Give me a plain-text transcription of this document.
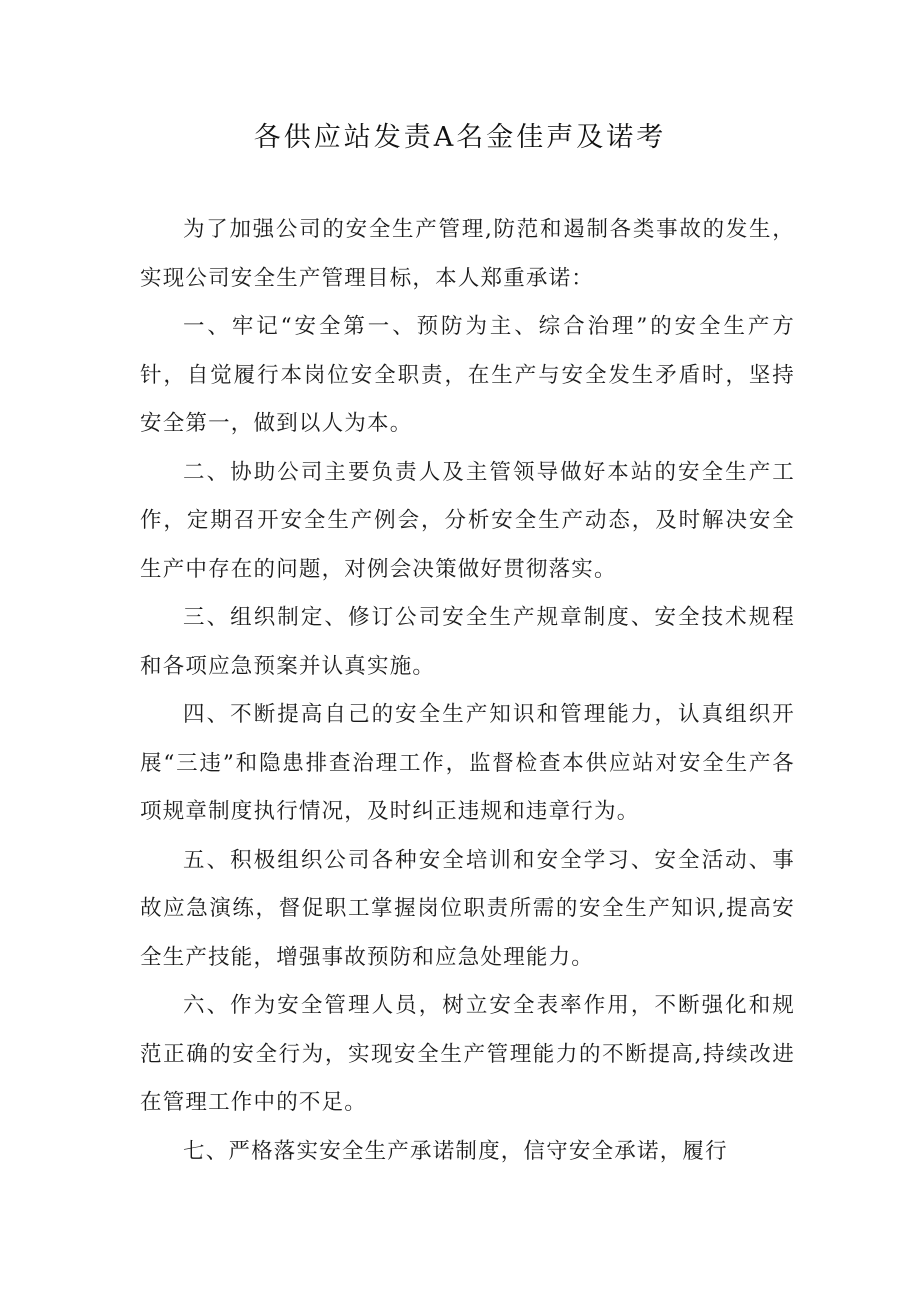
各供应站发责A名金佳声及诺考

为了加强公司的安全生产管理,防范和遏制各类事故的发生，实现公司安全生产管理目标，本人郑重承诺：

一、牢记“安全第一、预防为主、综合治理”的安全生产方针，自觉履行本岗位安全职责，在生产与安全发生矛盾时，坚持安全第一，做到以人为本。

二、协助公司主要负责人及主管领导做好本站的安全生产工作，定期召开安全生产例会，分析安全生产动态，及时解决安全生产中存在的问题，对例会决策做好贯彻落实。

三、组织制定、修订公司安全生产规章制度、安全技术规程和各项应急预案并认真实施。

四、不断提高自己的安全生产知识和管理能力，认真组织开展“三违”和隐患排查治理工作，监督检查本供应站对安全生产各项规章制度执行情况，及时纠正违规和违章行为。

五、积极组织公司各种安全培训和安全学习、安全活动、事故应急演练，督促职工掌握岗位职责所需的安全生产知识,提高安全生产技能，增强事故预防和应急处理能力。

六、作为安全管理人员，树立安全表率作用，不断强化和规范正确的安全行为，实现安全生产管理能力的不断提高,持续改进在管理工作中的不足。

七、严格落实安全生产承诺制度，信守安全承诺，履行
